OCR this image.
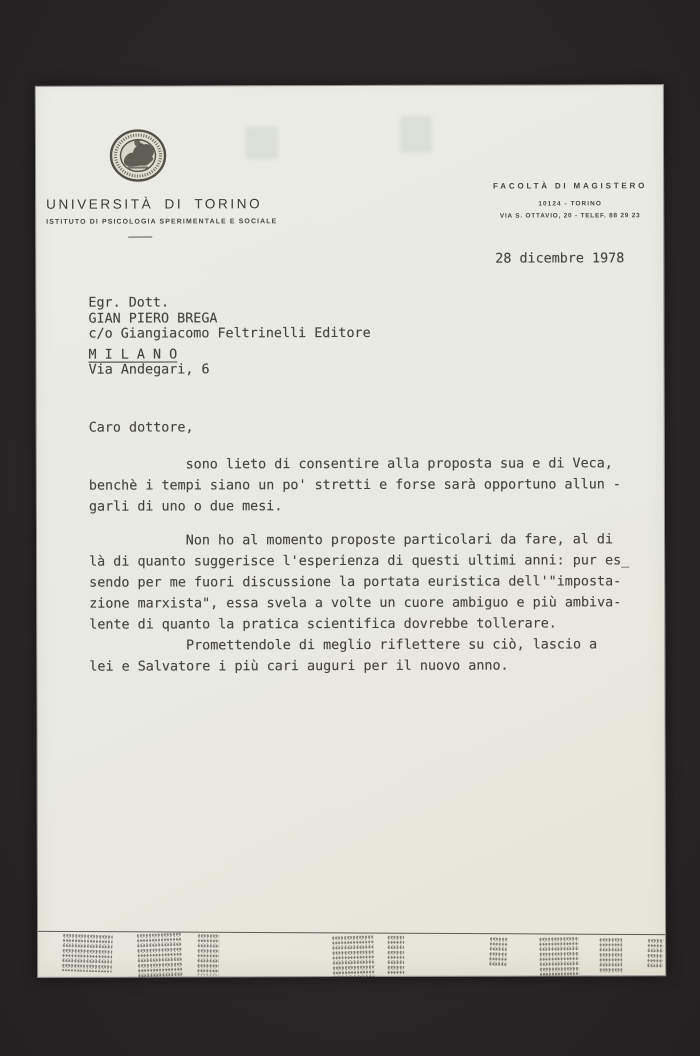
UNIVERSITÀ DI TORINO
ISTITUTO DI PSICOLOGIA SPERIMENTALE E SOCIALE
FACOLTÀ DI MAGISTERO
10124 - TORINO
VIA S. OTTAVIO, 20 - TELEF. 88 29 23
28 dicembre 1978
Egr. Dott.
GIAN PIERO BREGA
c/o Giangiacomo Feltrinelli Editore
M I L A N O
Via Andegari, 6
Caro dottore,
sono lieto di consentire alla proposta sua e di Veca,
benchè i tempi siano un po' stretti e forse sarà opportuno allun -
garli di uno o due mesi.
Non ho al momento proposte particolari da fare, al di
là di quanto suggerisce l'esperienza di questi ultimi anni: pur es̲
sendo per me fuori discussione la portata euristica dell'"imposta-
zione marxista", essa svela a volte un cuore ambiguo e più ambiva-
lente di quanto la pratica scientifica dovrebbe tollerare.
Promettendole di meglio riflettere su ciò, lascio a
lei e Salvatore i più cari auguri per il nuovo anno.
